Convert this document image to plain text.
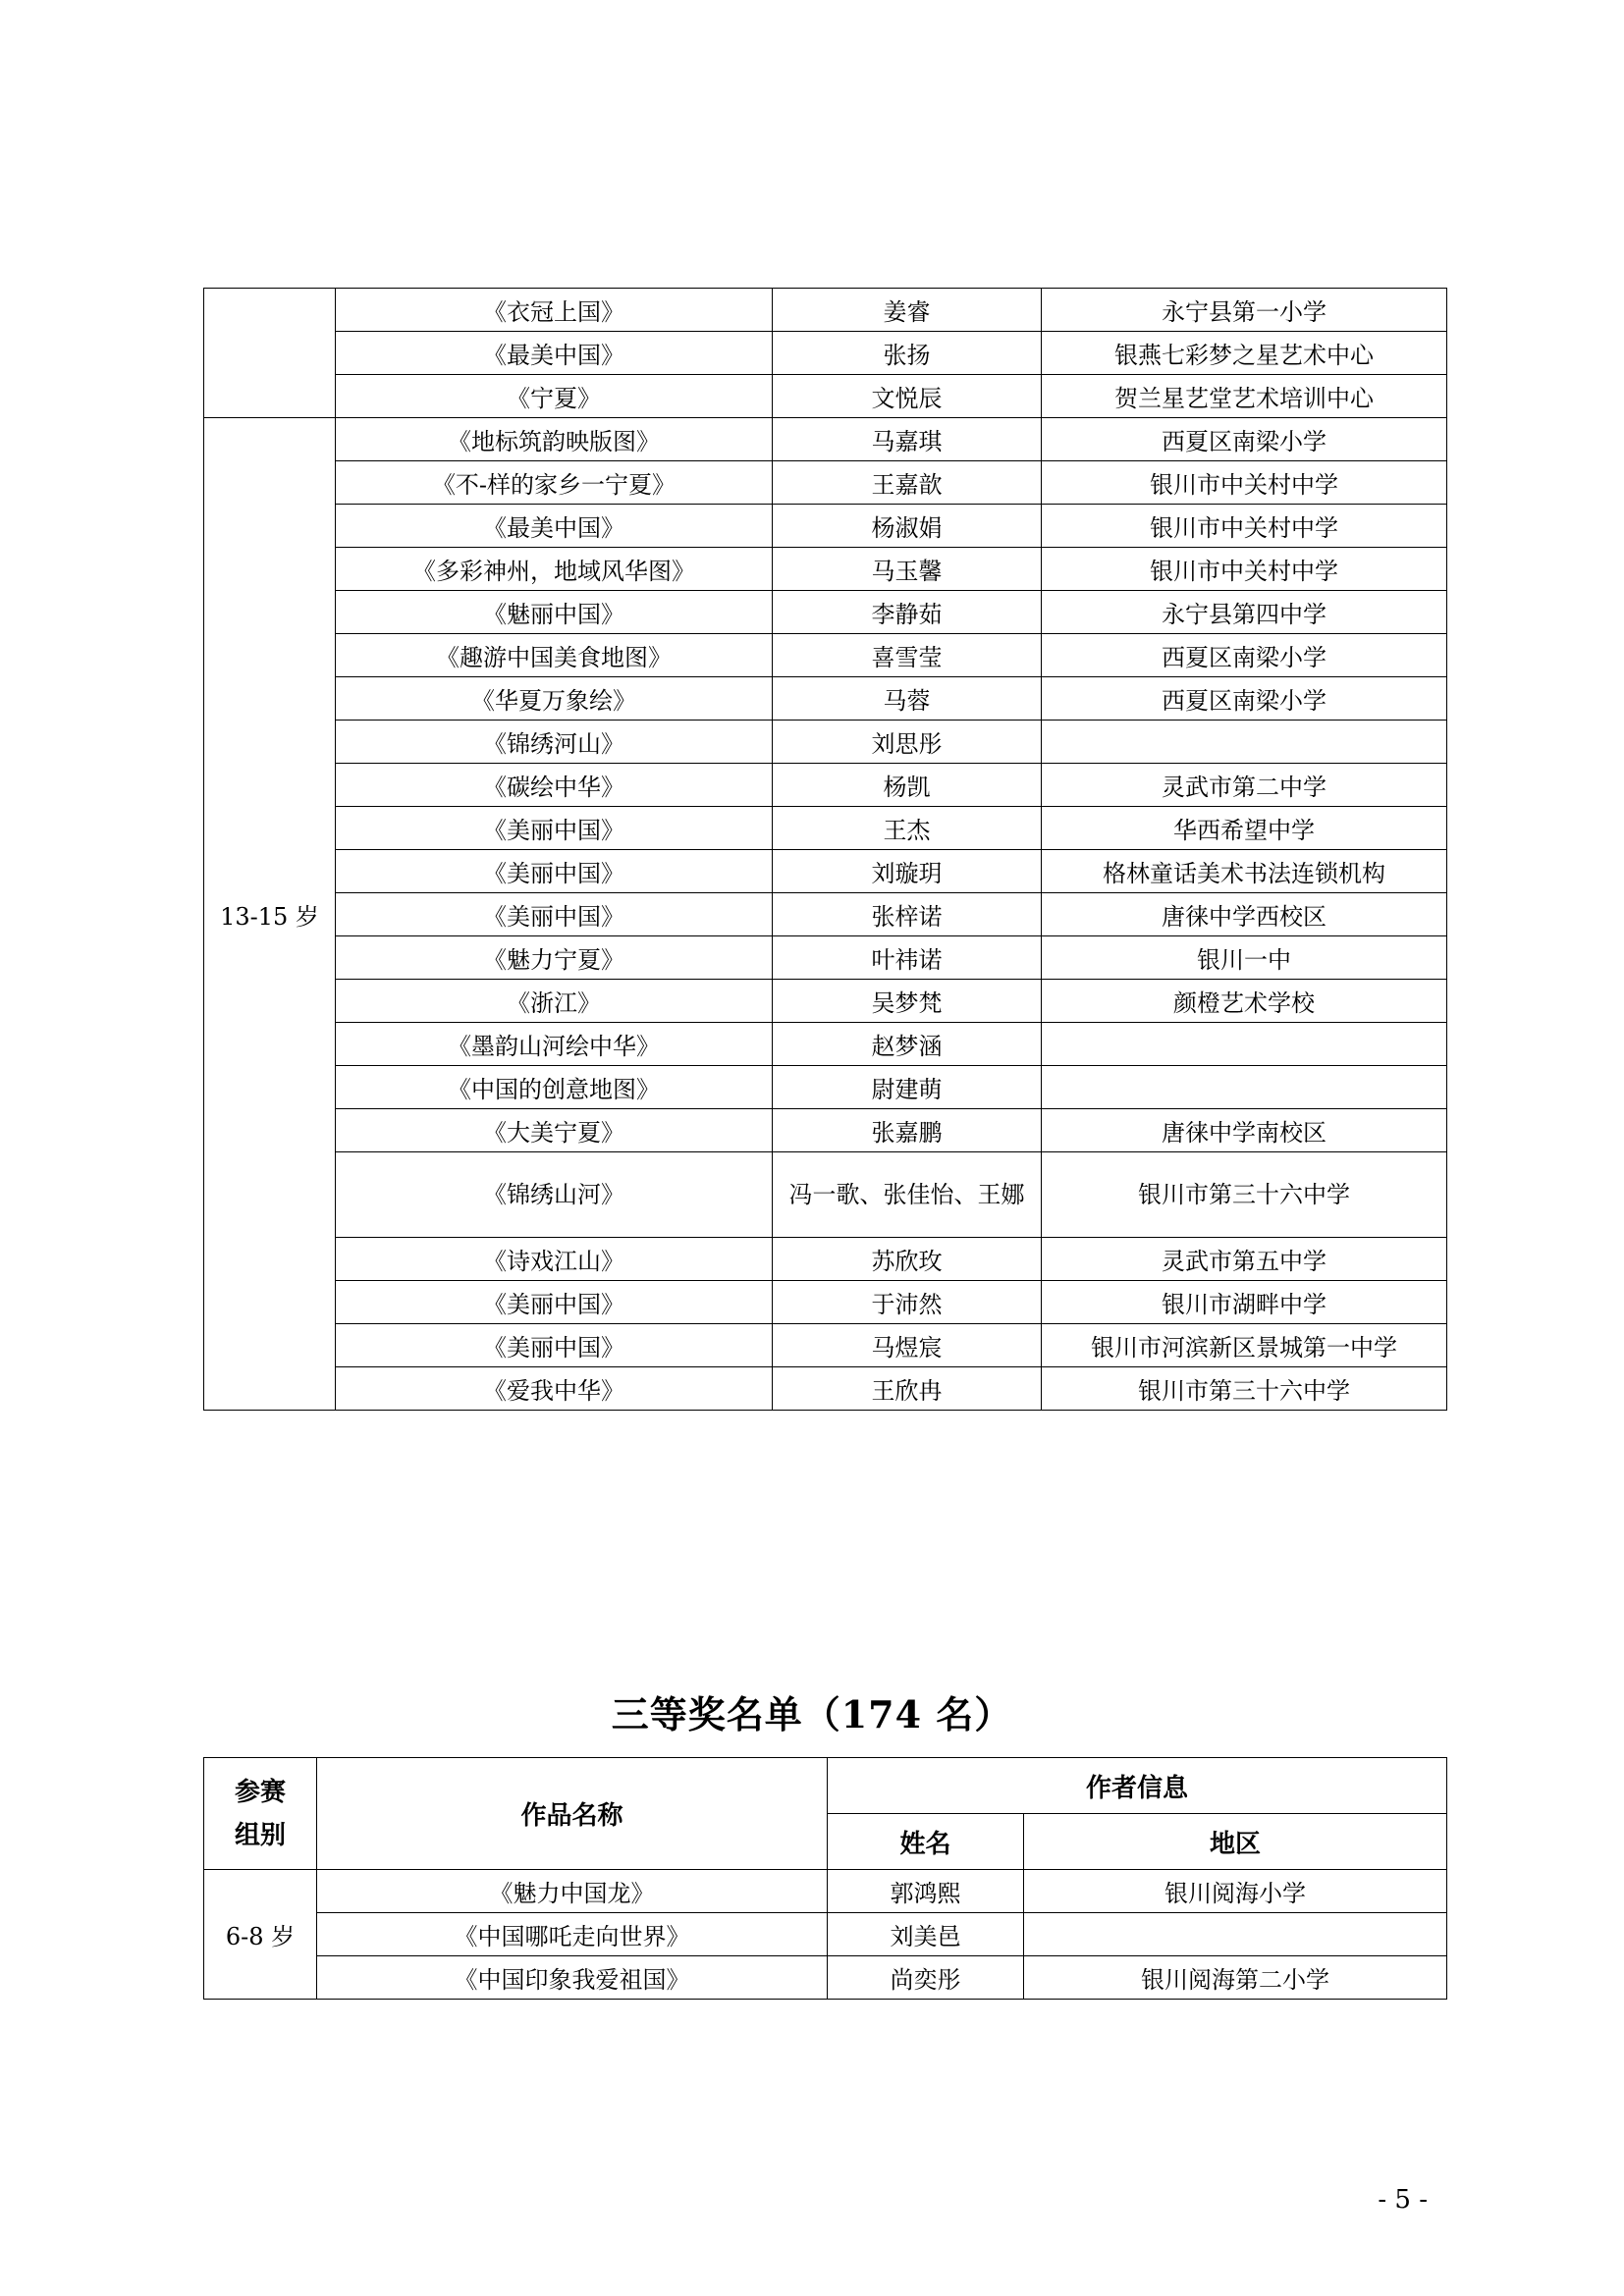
	《衣冠上国》	姜睿	永宁县第一小学
	《最美中国》	张扬	银燕七彩梦之星艺术中心
	《宁夏》	文悦辰	贺兰星艺堂艺术培训中心
13-15 岁	《地标筑韵映版图》	马嘉琪	西夏区南梁小学
	《不-样的家乡一宁夏》	王嘉歆	银川市中关村中学
	《最美中国》	杨淑娟	银川市中关村中学
	《多彩神州，地域风华图》	马玉馨	银川市中关村中学
	《魅丽中国》	李静茹	永宁县第四中学
	《趣游中国美食地图》	喜雪莹	西夏区南梁小学
	《华夏万象绘》	马蓉	西夏区南梁小学
	《锦绣河山》	刘思彤	
	《碳绘中华》	杨凯	灵武市第二中学
	《美丽中国》	王杰	华西希望中学
	《美丽中国》	刘璇玥	格林童话美术书法连锁机构
	《美丽中国》	张梓诺	唐徕中学西校区
	《魅力宁夏》	叶祎诺	银川一中
	《浙江》	吴梦梵	颜橙艺术学校
	《墨韵山河绘中华》	赵梦涵	
	《中国的创意地图》	尉建萌	
	《大美宁夏》	张嘉鹏	唐徕中学南校区
	《锦绣山河》	冯一歌、张佳怡、王娜	银川市第三十六中学
	《诗戏江山》	苏欣玫	灵武市第五中学
	《美丽中国》	于沛然	银川市湖畔中学
	《美丽中国》	马煜宸	银川市河滨新区景城第一中学
	《爱我中华》	王欣冉	银川市第三十六中学
三等奖名单（174 名）
参赛组别	作品名称	作者信息	
		姓名	地区
6-8 岁	《魅力中国龙》	郭鸿熙	银川阅海小学
	《中国哪吒走向世界》	刘美邑	
	《中国印象我爱祖国》	尚奕彤	银川阅海第二小学
- 5 -
